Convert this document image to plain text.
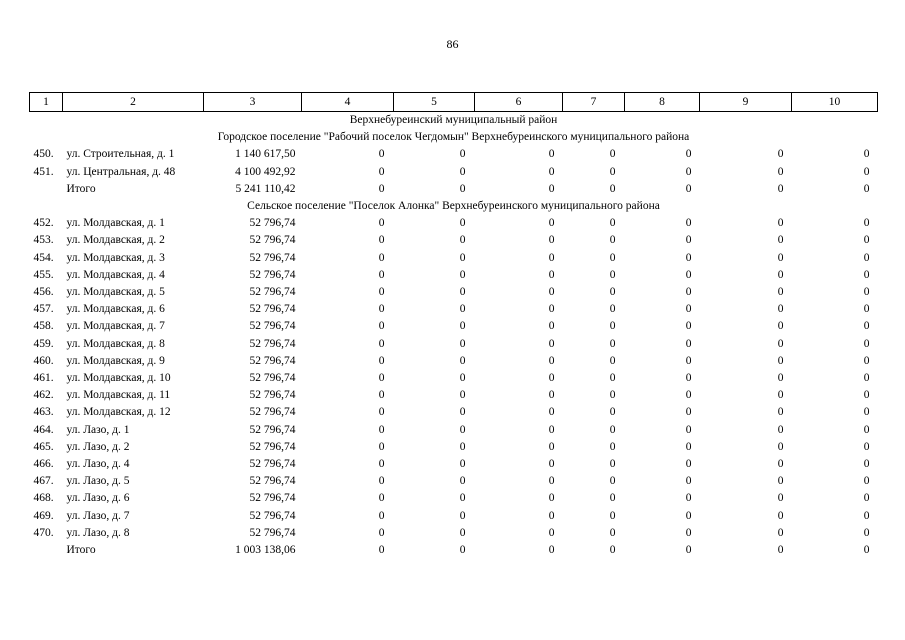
86
1	2	3	4	5	6	7	8	9	10
Верхнебуреинский муниципальный район									
Городское поселение "Рабочий поселок Чегдомын" Верхнебуреинского муниципального района									
450.	ул. Строительная, д. 1	1 140 617,50	0	0	0	0	0	0	0
451.	ул. Центральная, д. 48	4 100 492,92	0	0	0	0	0	0	0
	Итого	5 241 110,42	0	0	0	0	0	0	0
Сельское поселение "Поселок Алонка" Верхнебуреинского муниципального района									
452.	ул. Молдавская, д. 1	52 796,74	0	0	0	0	0	0	0
453.	ул. Молдавская, д. 2	52 796,74	0	0	0	0	0	0	0
454.	ул. Молдавская, д. 3	52 796,74	0	0	0	0	0	0	0
455.	ул. Молдавская, д. 4	52 796,74	0	0	0	0	0	0	0
456.	ул. Молдавская, д. 5	52 796,74	0	0	0	0	0	0	0
457.	ул. Молдавская, д. 6	52 796,74	0	0	0	0	0	0	0
458.	ул. Молдавская, д. 7	52 796,74	0	0	0	0	0	0	0
459.	ул. Молдавская, д. 8	52 796,74	0	0	0	0	0	0	0
460.	ул. Молдавская, д. 9	52 796,74	0	0	0	0	0	0	0
461.	ул. Молдавская, д. 10	52 796,74	0	0	0	0	0	0	0
462.	ул. Молдавская, д. 11	52 796,74	0	0	0	0	0	0	0
463.	ул. Молдавская, д. 12	52 796,74	0	0	0	0	0	0	0
464.	ул. Лазо, д. 1	52 796,74	0	0	0	0	0	0	0
465.	ул. Лазо, д. 2	52 796,74	0	0	0	0	0	0	0
466.	ул. Лазо, д. 4	52 796,74	0	0	0	0	0	0	0
467.	ул. Лазо, д. 5	52 796,74	0	0	0	0	0	0	0
468.	ул. Лазо, д. 6	52 796,74	0	0	0	0	0	0	0
469.	ул. Лазо, д. 7	52 796,74	0	0	0	0	0	0	0
470.	ул. Лазо, д. 8	52 796,74	0	0	0	0	0	0	0
	Итого	1 003 138,06	0	0	0	0	0	0	0
